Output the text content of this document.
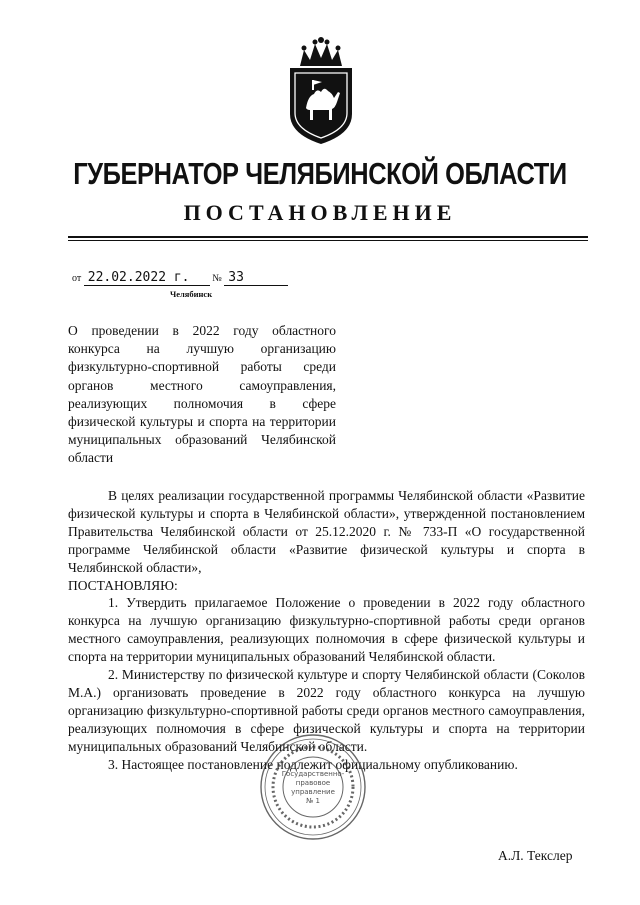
ГУБЕРНАТОР ЧЕЛЯБИНСКОЙ ОБЛАСТИ
ПОСТАНОВЛЕНИЕ
от 22.02.2022 г. № 33
Челябинск
О проведении в 2022 году областного конкурса на лучшую организацию физкультурно-спортивной работы среди органов местного самоуправления, реализующих полномочия в сфере физической культуры и спорта на территории муниципальных образований Челябинской области

В целях реализации государственной программы Челябинской области «Развитие физической культуры и спорта в Челябинской области», утвержденной постановлением Правительства Челябинской области от 25.12.2020 г. № 733-П «О государственной программе Челябинской области «Развитие физической культуры и спорта в Челябинской области»,

ПОСТАНОВЛЯЮ:

1. Утвердить прилагаемое Положение о проведении в 2022 году областного конкурса на лучшую организацию физкультурно-спортивной работы среди органов местного самоуправления, реализующих полномочия в сфере физической культуры и спорта на территории муниципальных образований Челябинской области.

2. Министерству по физической культуре и спорту Челябинской области (Соколов М.А.) организовать проведение в 2022 году областного конкурса на лучшую организацию физкультурно-спортивной работы среди органов местного самоуправления, реализующих полномочия в сфере физической культуры и спорта на территории муниципальных образований Челябинской области.

3. Настоящее постановление подлежит официальному опубликованию.

Государственно-
правовое
управление
№ 1
А.Л. Текслер
